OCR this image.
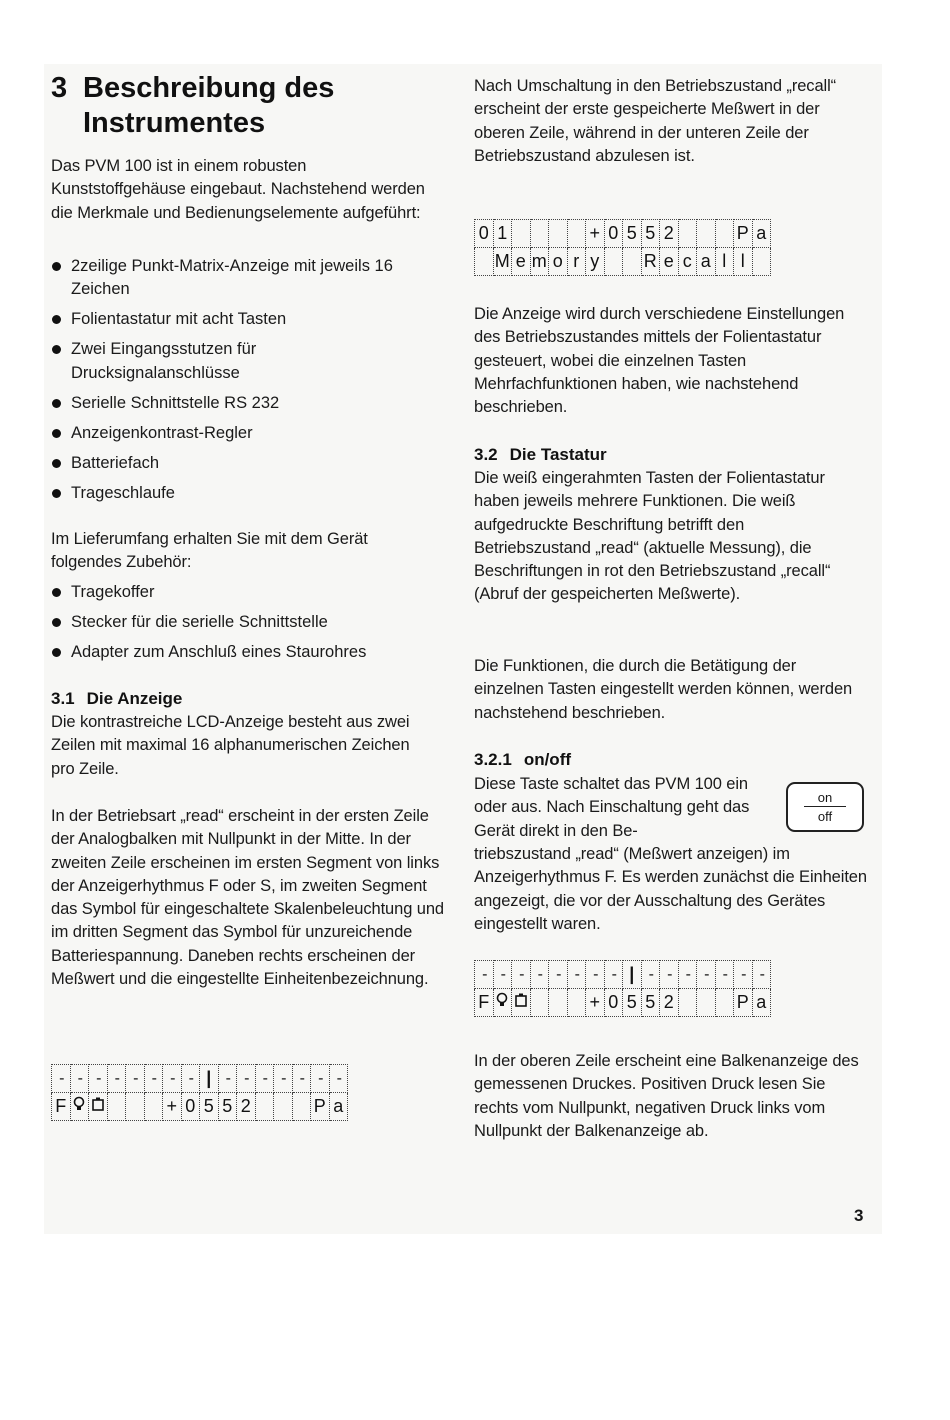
3 Beschreibung des
Instrumentes

Das PVM 100 ist in einem robusten Kunststoffgehäuse eingebaut. Nachstehend werden die Merkmale und Bedienungselemente aufgeführt:

2zeilige Punkt-Matrix-Anzeige mit jeweils 16 Zeichen
Folientastatur mit acht Tasten
Zwei Eingangsstutzen für Drucksignalanschlüsse
Serielle Schnittstelle RS 232
Anzeigenkontrast-Regler
Batteriefach
Trageschlaufe

Im Lieferumfang erhalten Sie mit dem Gerät folgendes Zubehör:

Tragekoffer
Stecker für die serielle Schnittstelle
Adapter zum Anschluß eines Staurohres
3.1 Die Anzeige

Die kontrastreiche LCD-Anzeige besteht aus zwei Zeilen mit maximal 16 alphanumerischen Zeichen pro Zeile.

In der Betriebsart „read“ erscheint in der ersten Zeile der Analogbalken mit Nullpunkt in der Mitte. In der zweiten Zeile erscheinen im ersten Segment von links der Anzeigerhythmus F oder S, im zweiten Segment das Symbol für eingeschaltete Skalenbeleuchtung und im dritten Segment das Symbol für unzureichende Batteriespannung. Daneben rechts erscheinen der Meßwert und die eingestellte Einheitenbezeichnung.

-	-	-	-	-	-	-	-	|	-	-	-	-	-	-	-
F						+	0	5	5	2				P	a

Nach Umschaltung in den Betriebszustand „recall“ erscheint der erste gespeicherte Meßwert in der oberen Zeile, während in der unteren Zeile der Betriebszustand abzulesen ist.

0	1					+	0	5	5	2				P	a
	M	e	m	o	r	y			R	e	c	a	l	l	

Die Anzeige wird durch verschiedene Einstellungen des Betriebszustandes mittels der Folientastatur gesteuert, wobei die einzelnen Tasten Mehrfachfunktionen haben, wie nachstehend beschrieben.

3.2 Die Tastatur

Die weiß eingerahmten Tasten der Folientastatur haben jeweils mehrere Funktionen. Die weiß aufgedruckte Beschriftung betrifft den Betriebszustand „read“ (aktuelle Messung), die Beschriftungen in rot den Betriebszustand „recall“ (Abruf der gespeicherten Meßwerte).

Die Funktionen, die durch die Betätigung der einzelnen Tasten eingestellt werden können, werden nachstehend beschrieben.

3.2.1 on/off

Diese Taste schaltet das PVM 100 ein oder aus. Nach Einschaltung geht das Gerät direkt in den Be-

triebszustand „read“ (Meßwert anzeigen) im Anzeigerhythmus F. Es werden zunächst die Einheiten angezeigt, die vor der Ausschaltung des Gerätes eingestellt waren.

-	-	-	-	-	-	-	-	|	-	-	-	-	-	-	-
F						+	0	5	5	2				P	a

In der oberen Zeile erscheint eine Balkenanzeige des gemessenen Druckes. Positiven Druck lesen Sie rechts vom Nullpunkt, negativen Druck links vom Nullpunkt der Balkenanzeige ab.

on
off
3
